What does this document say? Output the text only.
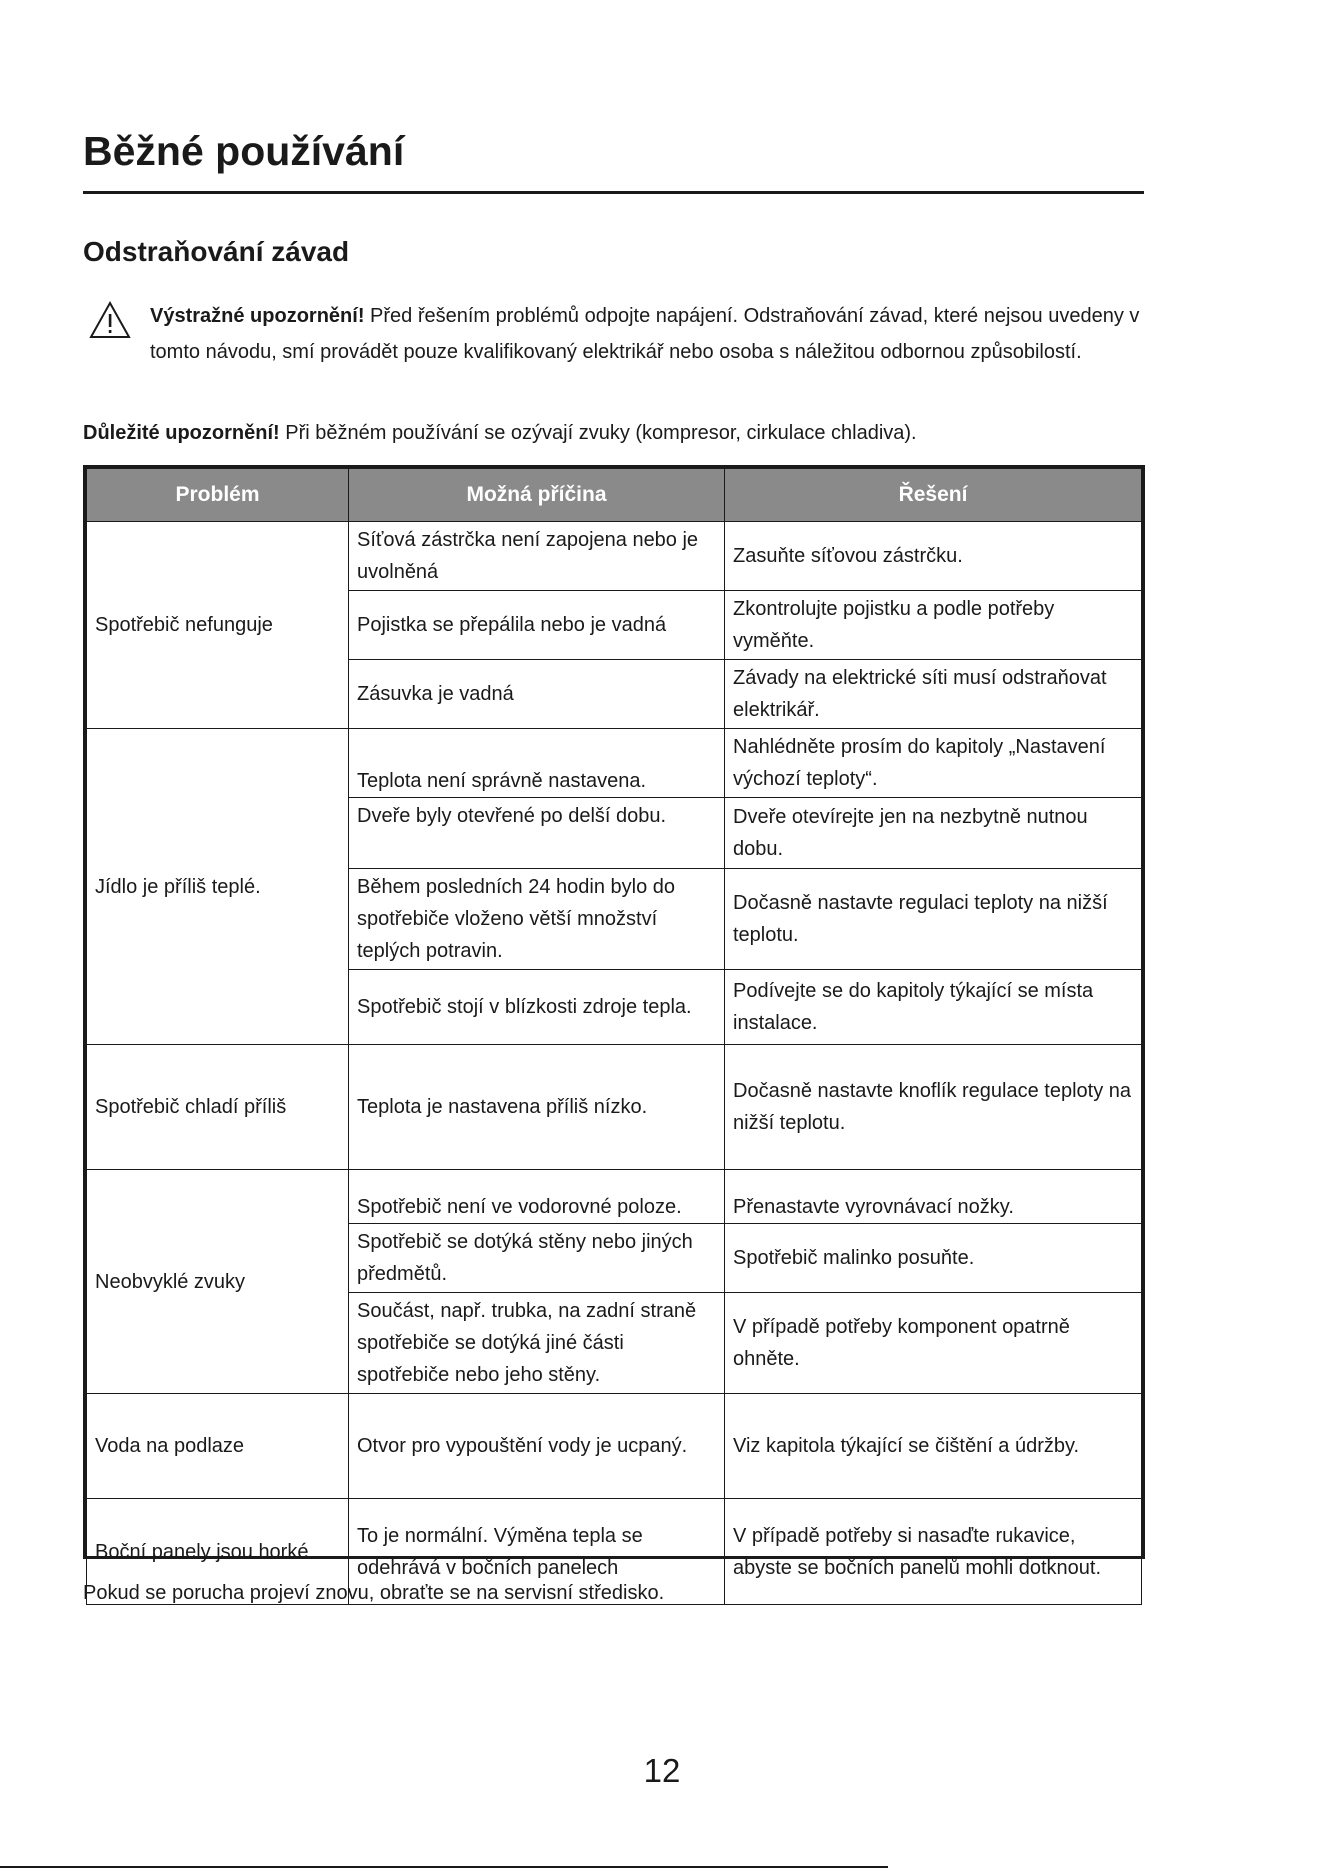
Běžné používání
Odstraňování závad
Výstražné upozornění! Před řešením problémů odpojte napájení. Odstraňování závad, které nejsou uvedeny v tomto návodu, smí provádět pouze kvalifikovaný elektrikář nebo osoba s náležitou odbornou způsobilostí.
Důležité upozornění! Při běžném používání se ozývají zvuky (kompresor, cirkulace chladiva).
Problém	Možná příčina	Řešení
Spotřebič nefunguje	Síťová zástrčka není zapojena nebo je uvolněná	Zasuňte síťovou zástrčku.
	Pojistka se přepálila nebo je vadná	Zkontrolujte pojistku a podle potřeby vyměňte.
	Zásuvka je vadná	Závady na elektrické síti musí odstraňovat elektrikář.
Jídlo je příliš teplé.	Teplota není správně nastavena.	Nahlédněte prosím do kapitoly „Nastavení výchozí teploty“.
	Dveře byly otevřené po delší dobu.	Dveře otevírejte jen na nezbytně nutnou dobu.
	Během posledních 24 hodin bylo do spotřebiče vloženo větší množství teplých potravin.	Dočasně nastavte regulaci teploty na nižší teplotu.
	Spotřebič stojí v blízkosti zdroje tepla.	Podívejte se do kapitoly týkající se místa instalace.
Spotřebič chladí příliš	Teplota je nastavena příliš nízko.	Dočasně nastavte knoflík regulace teploty na nižší teplotu.
Neobvyklé zvuky	Spotřebič není ve vodorovné poloze.	Přenastavte vyrovnávací nožky.
	Spotřebič se dotýká stěny nebo jiných předmětů.	Spotřebič malinko posuňte.
	Součást, např. trubka, na zadní straně spotřebiče se dotýká jiné části spotřebiče nebo jeho stěny.	V případě potřeby komponent opatrně ohněte.
Voda na podlaze	Otvor pro vypouštění vody je ucpaný.	Viz kapitola týkající se čištění a údržby.
Boční panely jsou horké	To je normální. Výměna tepla se odehrává v bočních panelech	V případě potřeby si nasaďte rukavice, abyste se bočních panelů mohli dotknout.
Pokud se porucha projeví znovu, obraťte se na servisní středisko.
12
